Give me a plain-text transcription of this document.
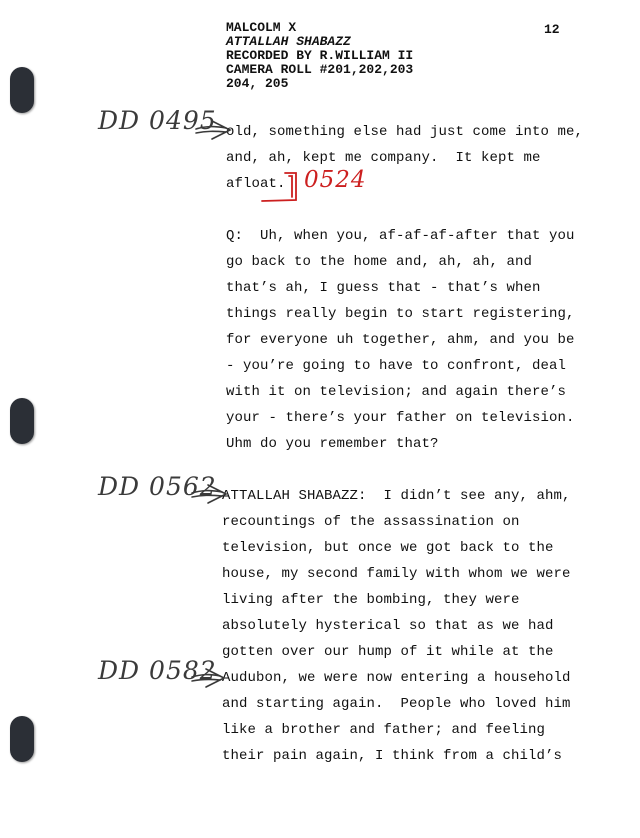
MALCOLM X
ATTALLAH SHABAZZ
RECORDED BY R.WILLIAM II
CAMERA ROLL #201,202,203
204, 205
12
old, something else had just come into me,
and, ah, kept me company.  It kept me
afloat.
Q:  Uh, when you, af-af-af-after that you
go back to the home and, ah, ah, and
that’s ah, I guess that - that’s when
things really begin to start registering,
for everyone uh together, ahm, and you be
- you’re going to have to confront, deal
with it on television; and again there’s
your - there’s your father on television.
Uhm do you remember that?
ATTALLAH SHABAZZ:  I didn’t see any, ahm,
recountings of the assassination on
television, but once we got back to the
house, my second family with whom we were
living after the bombing, they were
absolutely hysterical so that as we had
gotten over our hump of it while at the
Audubon, we were now entering a household
and starting again.  People who loved him
like a brother and father; and feeling
their pain again, I think from a child’s
DD 0495
0524
DD 0562
DD 0582
